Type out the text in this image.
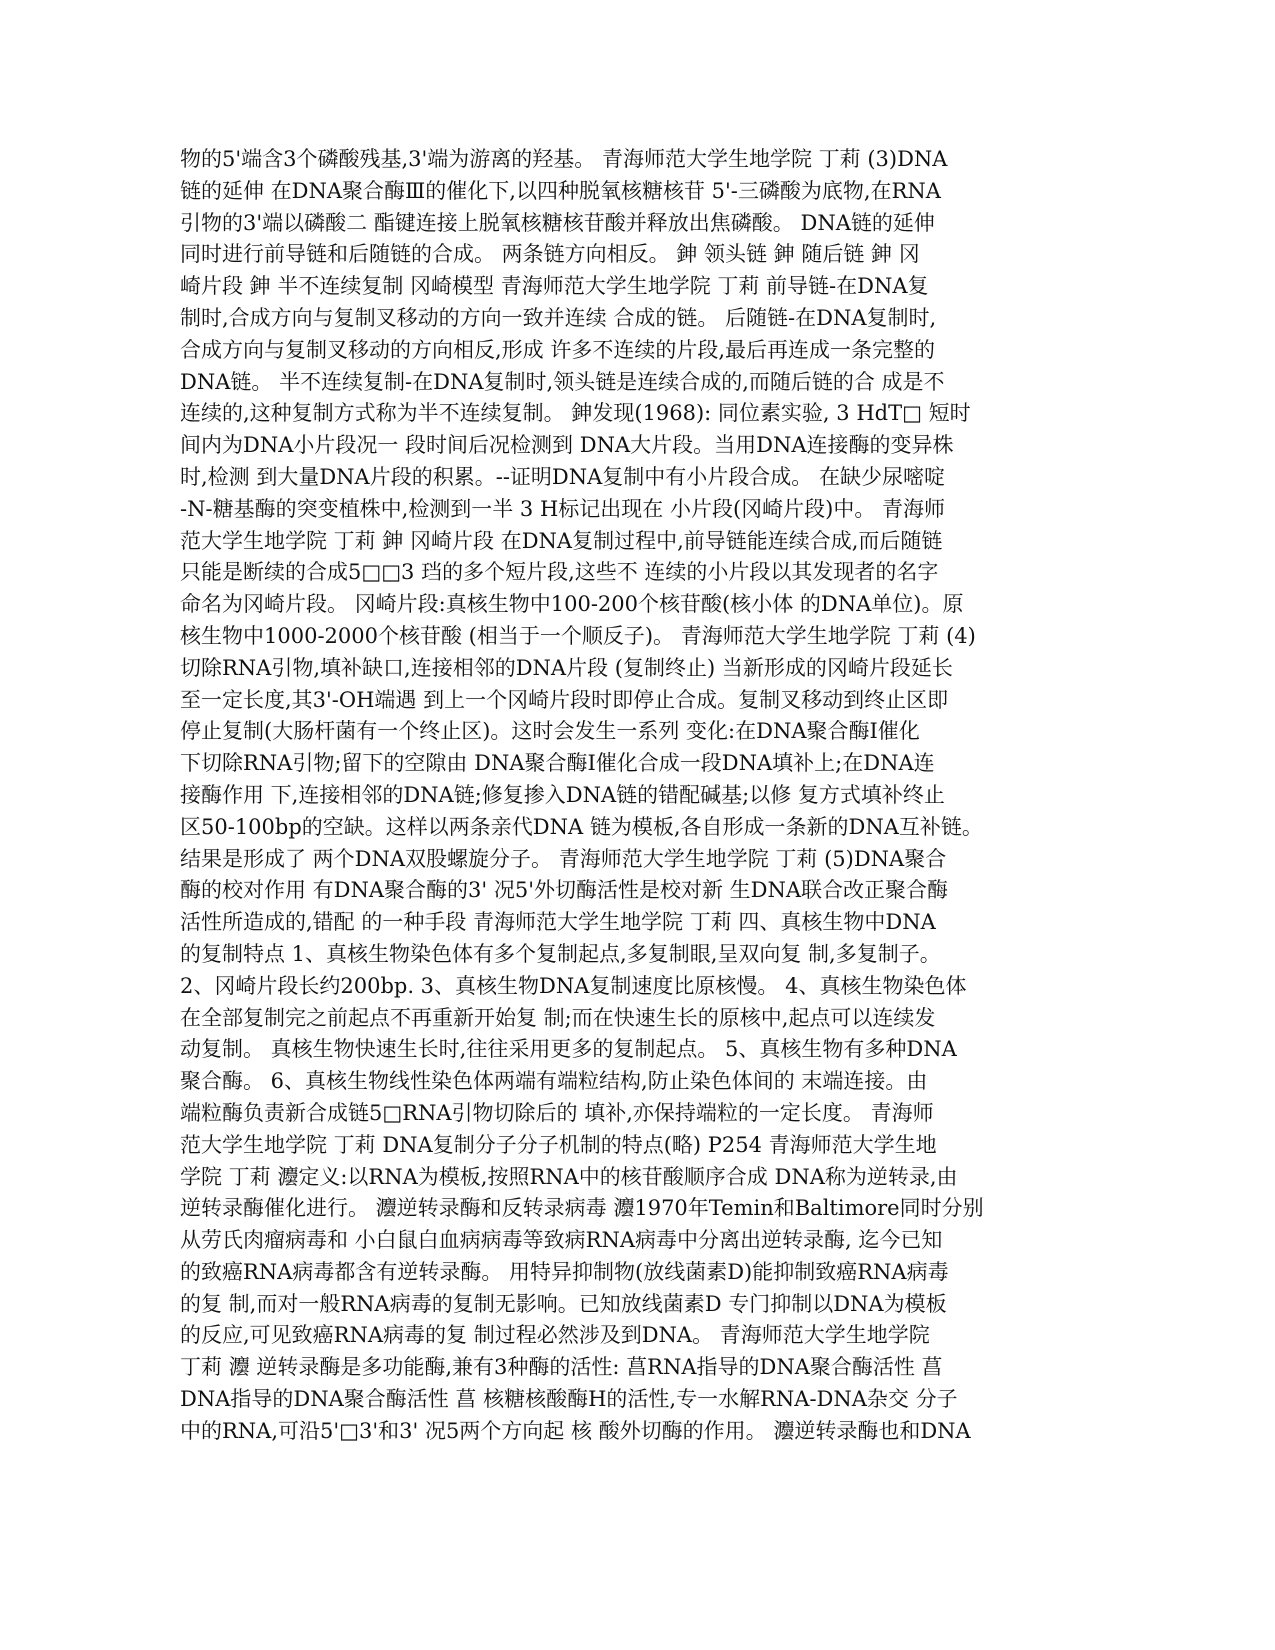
物的5'端含3个磷酸残基,3'端为游离的羟基。 青海师范大学生地学院 丁莉 (3)DNA
链的延伸 在DNA聚合酶Ⅲ的催化下,以四种脱氧核糖核苷 5'-三磷酸为底物,在RNA
引物的3'端以磷酸二 酯键连接上脱氧核糖核苷酸并释放出焦磷酸。 DNA链的延伸
同时进行前导链和后随链的合成。 两条链方向相反。 鉮 领头链 鉮 随后链 鉮 冈
崎片段 鉮 半不连续复制 冈崎模型 青海师范大学生地学院 丁莉 前导链-在DNA复
制时,合成方向与复制叉移动的方向一致并连续 合成的链。 后随链-在DNA复制时,
合成方向与复制叉移动的方向相反,形成 许多不连续的片段,最后再连成一条完整的
DNA链。 半不连续复制-在DNA复制时,领头链是连续合成的,而随后链的合 成是不
连续的,这种复制方式称为半不连续复制。 鉮发现(1968): 同位素实验, 3 HdT□ 短时
间内为DNA小片段况一 段时间后况检测到 DNA大片段。当用DNA连接酶的变异株
时,检测 到大量DNA片段的积累。--证明DNA复制中有小片段合成。 在缺少尿嘧啶
-N-糖基酶的突变植株中,检测到一半 3 H标记出现在 小片段(冈崎片段)中。 青海师
范大学生地学院 丁莉 鉮 冈崎片段 在DNA复制过程中,前导链能连续合成,而后随链
只能是断续的合成5□□3 珰的多个短片段,这些不 连续的小片段以其发现者的名字
命名为冈崎片段。 冈崎片段:真核生物中100-200个核苷酸(核小体 的DNA单位)。原
核生物中1000-2000个核苷酸 (相当于一个顺反子)。 青海师范大学生地学院 丁莉 (4)
切除RNA引物,填补缺口,连接相邻的DNA片段 (复制终止) 当新形成的冈崎片段延长
至一定长度,其3'-OH端遇 到上一个冈崎片段时即停止合成。复制叉移动到终止区即
停止复制(大肠杆菌有一个终止区)。这时会发生一系列 变化:在DNA聚合酶Ⅰ催化
下切除RNA引物;留下的空隙由 DNA聚合酶Ⅰ催化合成一段DNA填补上;在DNA连
接酶作用 下,连接相邻的DNA链;修复掺入DNA链的错配碱基;以修 复方式填补终止
区50-100bp的空缺。这样以两条亲代DNA 链为模板,各自形成一条新的DNA互补链。
结果是形成了 两个DNA双股螺旋分子。 青海师范大学生地学院 丁莉 (5)DNA聚合
酶的校对作用 有DNA聚合酶的3' 况5'外切酶活性是校对新 生DNA联合改正聚合酶
活性所造成的,错配 的一种手段 青海师范大学生地学院 丁莉 四、真核生物中DNA
的复制特点 1、真核生物染色体有多个复制起点,多复制眼,呈双向复 制,多复制子。
2、冈崎片段长约200bp. 3、真核生物DNA复制速度比原核慢。 4、真核生物染色体
在全部复制完之前起点不再重新开始复 制;而在快速生长的原核中,起点可以连续发
动复制。 真核生物快速生长时,往往采用更多的复制起点。 5、真核生物有多种DNA
聚合酶。 6、真核生物线性染色体两端有端粒结构,防止染色体间的 末端连接。由
端粒酶负责新合成链5□RNA引物切除后的 填补,亦保持端粒的一定长度。 青海师
范大学生地学院 丁莉 DNA复制分子分子机制的特点(略) P254 青海师范大学生地
学院 丁莉 灋定义:以RNA为模板,按照RNA中的核苷酸顺序合成 DNA称为逆转录,由
逆转录酶催化进行。 灋逆转录酶和反转录病毒 灋1970年Temin和Baltimore同时分别
从劳氏肉瘤病毒和 小白鼠白血病病毒等致病RNA病毒中分离出逆转录酶, 迄今已知
的致癌RNA病毒都含有逆转录酶。 用特异抑制物(放线菌素D)能抑制致癌RNA病毒
的复 制,而对一般RNA病毒的复制无影响。已知放线菌素D 专门抑制以DNA为模板
的反应,可见致癌RNA病毒的复 制过程必然涉及到DNA。 青海师范大学生地学院
丁莉 灋 逆转录酶是多功能酶,兼有3种酶的活性: 菖RNA指导的DNA聚合酶活性 菖
DNA指导的DNA聚合酶活性 菖 核糖核酸酶H的活性,专一水解RNA-DNA杂交 分子
中的RNA,可沿5'□3'和3' 况5两个方向起 核 酸外切酶的作用。 灋逆转录酶也和DNA
